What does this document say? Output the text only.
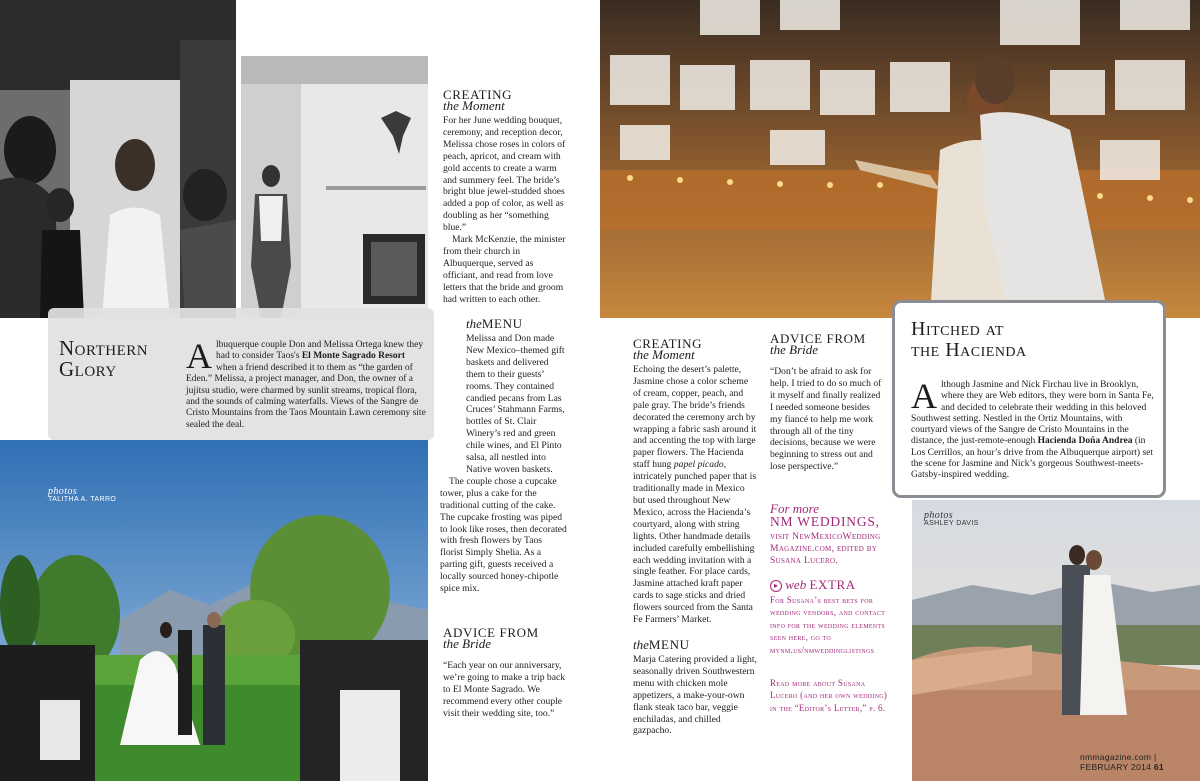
photos
TALITHA A. TARRO
Northern
Glory	Albuquerque couple Don and Melissa Ortega knew they had to consider Taos's El Monte Sagrado Resort when a friend described it to them as “the garden of Eden.” Melissa, a project manager, and Don, the owner of a jujitsu studio, were charmed by sunlit streams, tropical flora, and the sounds of calming waterfalls. Views of the Sangre de Cristo Mountains from the Taos Mountain Lawn ceremony site sealed the deal.
CREATING
the Moment

For her June wedding bouquet, ceremony, and reception decor, Melissa chose roses in colors of peach, apricot, and cream with gold accents to create a warm and summery feel. The bride’s bright blue jewel-studded shoes added a pop of color, as well as doubling as her “something blue.”

Mark McKenzie, the minister from their church in Albuquerque, served as officiant, and read from love letters that the bride and groom had written to each other.

theMENU

Melissa and Don made New Mexico–themed gift baskets and delivered them to their guests’ rooms. They contained candied pecans from Las Cruces’ Stahmann Farms, bottles of St. Clair Winery’s red and green chile wines, and El Pinto salsa, all nestled into Native woven baskets.

The couple chose a cupcake tower, plus a cake for the traditional cutting of the cake. The cupcake frosting was piped to look like roses, then decorated with fresh flowers by Taos florist Simply Shelia. As a parting gift, guests received a locally sourced honey-chipotle spice mix.

ADVICE FROM
the Bride

“Each year on our anniversary, we’re going to make a trip back to El Monte Sagrado. We recommend every other couple visit their wedding site, too.”

photos
ASHLEY DAVIS
CREATING
the Moment

Echoing the desert’s palette, Jasmine chose a color scheme of cream, copper, peach, and pale gray. The bride’s friends decorated the ceremony arch by wrapping a fabric sash around it and accenting the top with large paper flowers. The Hacienda staff hung papel picado, intricately punched paper that is traditionally made in Mexico but used throughout New Mexico, across the Hacienda’s courtyard, along with string lights. Other handmade details included carefully embellishing each wedding invitation with a single feather. For place cards, Jasmine attached kraft paper cards to sage sticks and dried flowers sourced from the Santa Fe Farmers’ Market.

theMENU

Marja Catering provided a light, seasonally driven Southwestern menu with chicken mole appetizers, a make-your-own flank steak taco bar, veggie enchiladas, and chilled gazpacho.

ADVICE FROM
the Bride

“Don’t be afraid to ask for help. I tried to do so much of it myself and finally realized I needed someone besides my fiancé to help me work through all of the tiny decisions, because we were beginning to stress out and lose perspective.”

For more
NM WEDDINGS,
visit NewMexicoWedding Magazine.com, edited by Susana Lucero.
▸ web EXTRA
For Susana’s best bets for wedding vendors, and contact info for the wedding elements seen here, go to mynm.us/nmweddinglistings
Read more about Susana Lucero (and her own wedding) in the “Editor’s Letter,” p. 6.
Hitched at
the Hacienda
Although Jasmine and Nick Firchau live in Brooklyn, where they are Web editors, they were born in Santa Fe, and decided to celebrate their wedding in this beloved Southwest setting. Nestled in the Ortiz Mountains, with courtyard views of the Sangre de Cristo Mountains in the distance, the just-remote-enough Hacienda Doña Andrea (in Los Cerrillos, an hour’s drive from the Albuquerque airport) set the scene for Jasmine and Nick’s gorgeous Southwest-meets-Gatsby-inspired wedding.
nmmagazine.com | FEBRUARY 2014 61
